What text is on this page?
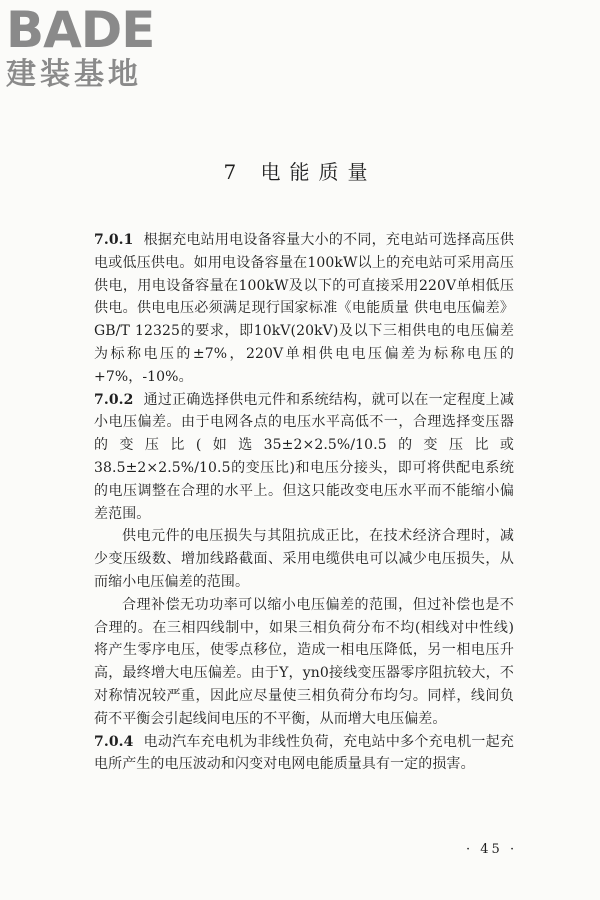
BADE
建装基地
7 电能质量

7.0.1 根据充电站用电设备容量大小的不同，充电站可选择高压供电或低压供电。如用电设备容量在100kW以上的充电站可采用高压供电，用电设备容量在100kW及以下的可直接采用220V单相低压供电。供电电压必须满足现行国家标准《电能质量 供电电压偏差》GB/T 12325的要求，即10kV(20kV)及以下三相供电的电压偏差为标称电压的±7%，220V单相供电电压偏差为标称电压的+7%，-10%。

7.0.2 通过正确选择供电元件和系统结构，就可以在一定程度上减小电压偏差。由于电网各点的电压水平高低不一，合理选择变压器的变压比(如选35±2×2.5%/10.5的变压比或38.5±2×2.5%/10.5的变压比)和电压分接头，即可将供配电系统的电压调整在合理的水平上。但这只能改变电压水平而不能缩小偏差范围。

供电元件的电压损失与其阻抗成正比，在技术经济合理时，减少变压级数、增加线路截面、采用电缆供电可以减少电压损失，从而缩小电压偏差的范围。

合理补偿无功功率可以缩小电压偏差的范围，但过补偿也是不合理的。在三相四线制中，如果三相负荷分布不均(相线对中性线)将产生零序电压，使零点移位，造成一相电压降低，另一相电压升高，最终增大电压偏差。由于Y，yn0接线变压器零序阻抗较大，不对称情况较严重，因此应尽量使三相负荷分布均匀。同样，线间负荷不平衡会引起线间电压的不平衡，从而增大电压偏差。

7.0.4 电动汽车充电机为非线性负荷，充电站中多个充电机一起充电所产生的电压波动和闪变对电网电能质量具有一定的损害。

· 45 ·
